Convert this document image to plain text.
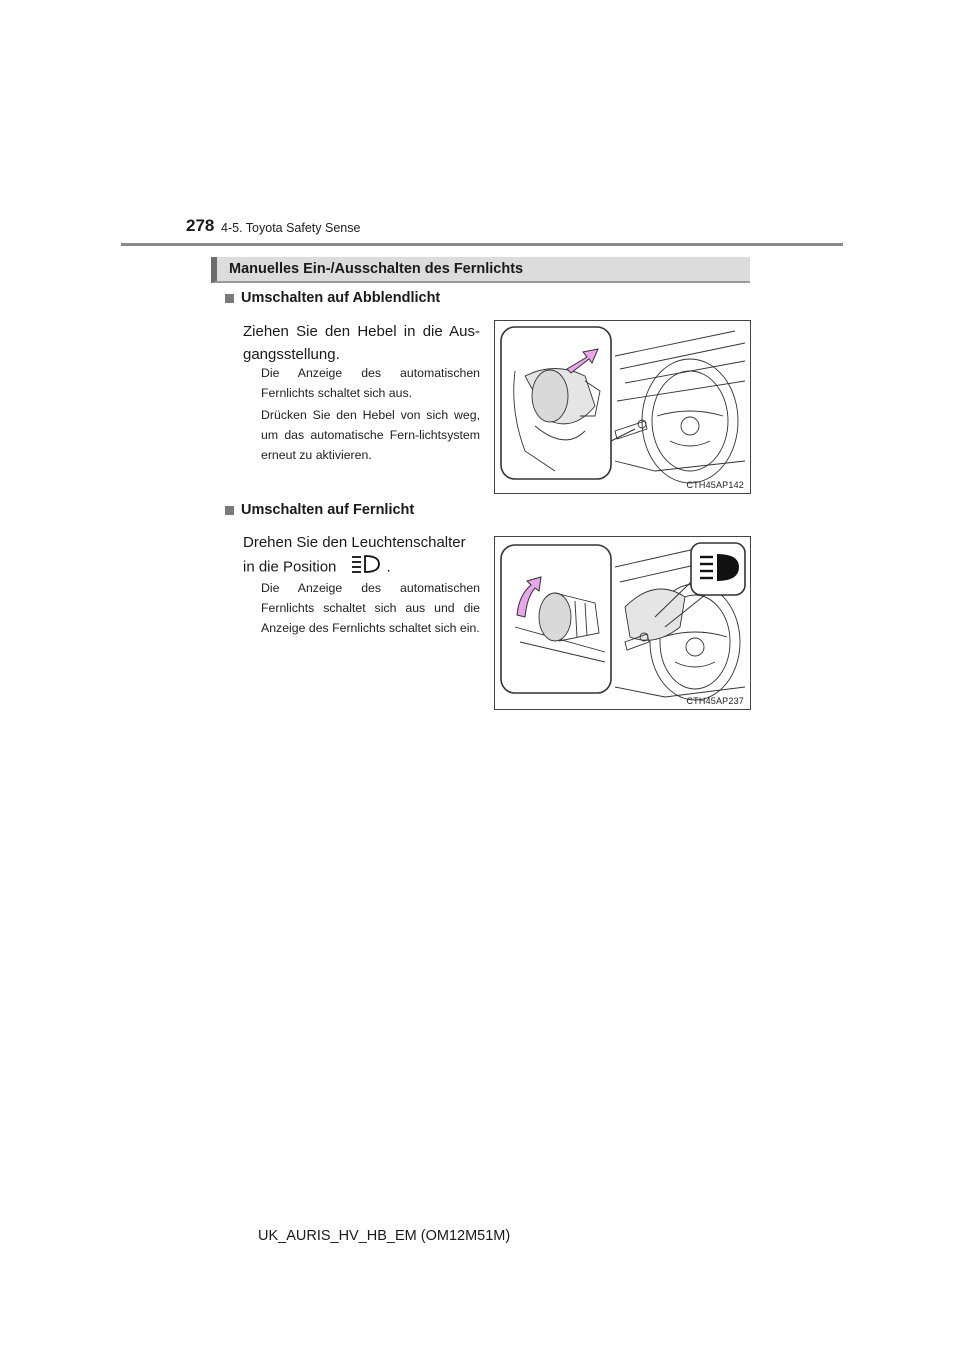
278 4-5. Toyota Safety Sense
Manuelles Ein-/Ausschalten des Fernlichts
Umschalten auf Abblendlicht
Ziehen Sie den Hebel in die Aus-gangsstellung.
Die Anzeige des automatischen Fernlichts schaltet sich aus.
Drücken Sie den Hebel von sich weg, um das automatische Fern-lichtsystem erneut zu aktivieren.
CTH45AP142
Umschalten auf Fernlicht
Drehen Sie den Leuchtenschalter in die Position	.
Die Anzeige des automatischen Fernlichts schaltet sich aus und die Anzeige des Fernlichts schaltet sich ein.
CTH45AP237
UK_AURIS_HV_HB_EM (OM12M51M)
